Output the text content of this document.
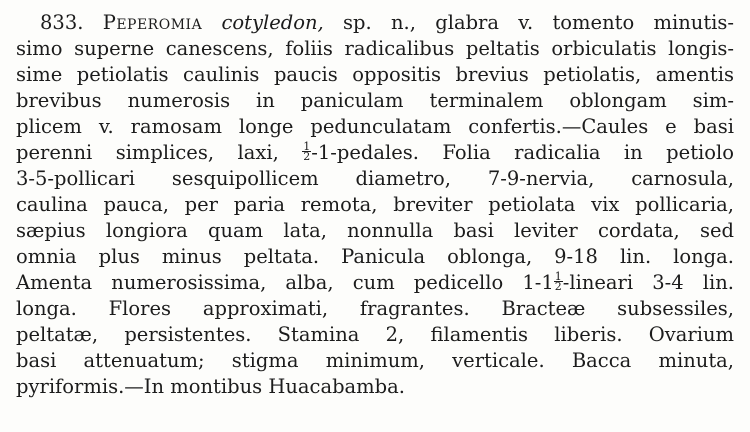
833. Peperomia cotyledon, sp. n., glabra v. tomento minutis-
simo superne canescens, foliis radicalibus peltatis orbiculatis longis-
sime petiolatis caulinis paucis oppositis brevius petiolatis, amentis
brevibus numerosis in paniculam terminalem oblongam sim-
plicem v. ramosam longe pedunculatam confertis.—Caules e basi
perenni simplices, laxi, $\frac{1}{2}$ -1-pedales. Folia radicalia in petiolo
3-5-pollicari sesquipollicem diametro, 7-9-nervia, carnosula,
caulina pauca, per paria remota, breviter petiolata vix pollicaria,
sæpius longiora quam lata, nonnulla basi leviter cordata, sed
omnia plus minus peltata. Panicula oblonga, 9-18 lin. longa.
Amenta numerosissima, alba, cum pedicello $1-1 \frac{1}{2}$ -lineari 3-4 lin.
longa. Flores approximati, fragrantes. Bracteæ subsessiles,
peltatæ, persistentes. Stamina 2, filamentis liberis. Ovarium
basi attenuatum; stigma minimum, verticale. Bacca minuta,
pyriformis.—In montibus Huacabamba.
